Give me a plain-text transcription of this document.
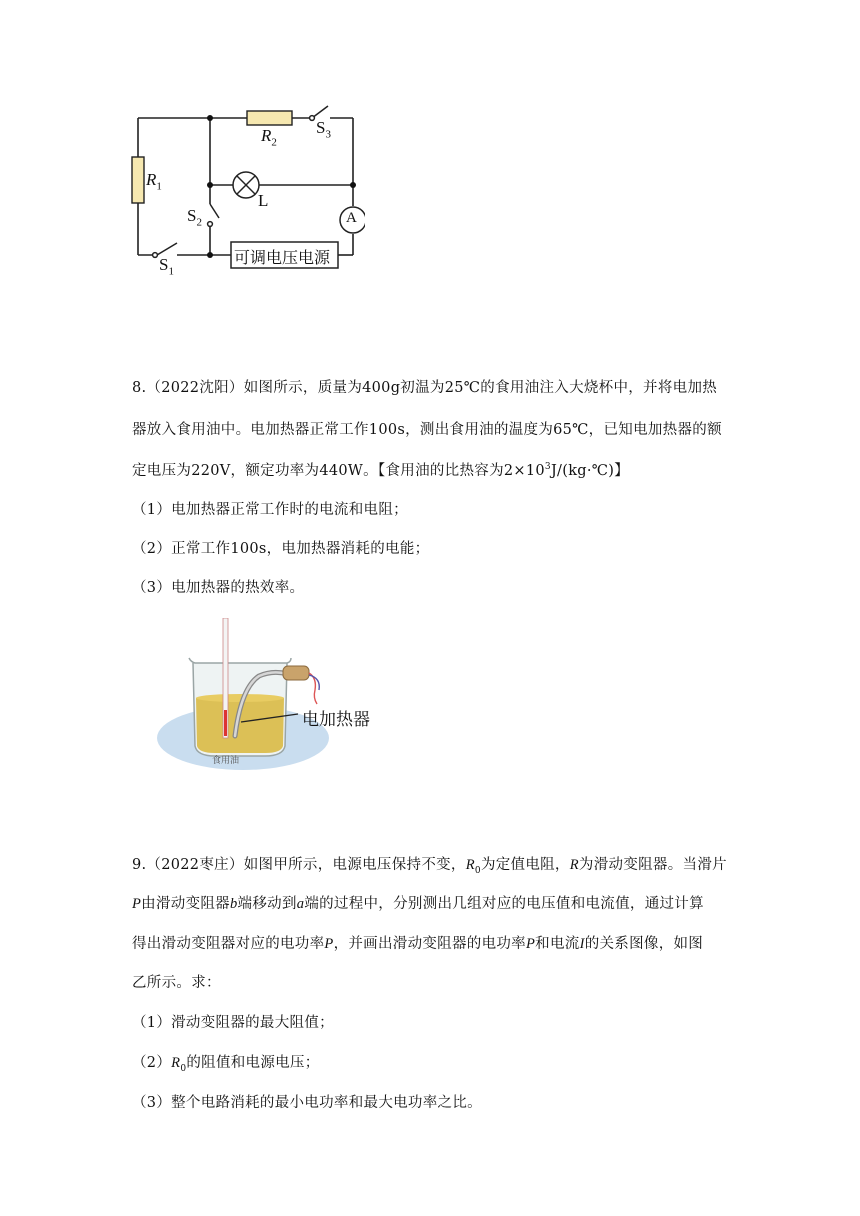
$R_1$
$R_2$
$S_3$
L
$S_2$
$S_1$
A
可调电压电源
8.（2022沈阳）如图所示，质量为400g初温为25℃的食用油注入大烧杯中，并将电加热
器放入食用油中。电加热器正常工作100s，测出食用油的温度为65℃，已知电加热器的额
定电压为220V，额定功率为440W。【食用油的比热容为$2\times 10^3J/(kg\cdot℃)$】
（1）电加热器正常工作时的电流和电阻；
（2）正常工作100s，电加热器消耗的电能；
（3）电加热器的热效率。
电加热器
食用油
9.（2022枣庄）如图甲所示，电源电压保持不变，$R_0$为定值电阻，R为滑动变阻器。当滑片
P由滑动变阻器b端移动到a端的过程中，分别测出几组对应的电压值和电流值，通过计算
得出滑动变阻器对应的电功率P，并画出滑动变阻器的电功率P和电流I的关系图像，如图
乙所示。求：
（1）滑动变阻器的最大阻值；
$(2)R_0$的阻值和电源电压；
（3）整个电路消耗的最小电功率和最大电功率之比。
